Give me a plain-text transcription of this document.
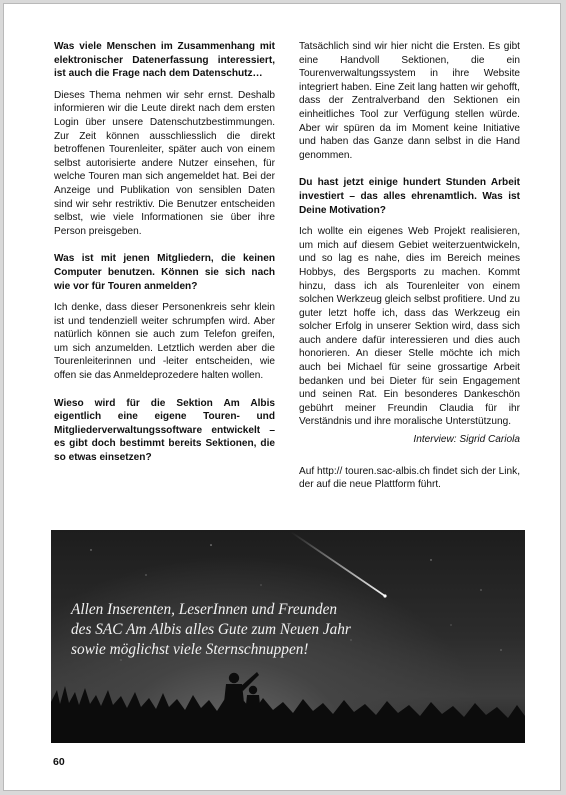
Was viele Menschen im Zusammenhang mit elektronischer Datenerfassung interessiert, ist auch die Frage nach dem Datenschutz…

Dieses Thema nehmen wir sehr ernst. Deshalb informieren wir die Leute direkt nach dem ersten Login über unsere Datenschutzbestimmungen. Zur Zeit können ausschliesslich die direkt betroffenen Tourenleiter, später auch von einem selbst autorisierte andere Nutzer einsehen, für welche Touren man sich angemeldet hat. Bei der Anzeige und Publikation von sensiblen Daten sind wir sehr restriktiv. Die Benutzer entscheiden selbst, wie viele Informationen sie über ihre Person preisgeben.

Was ist mit jenen Mitgliedern, die keinen Computer benutzen. Können sie sich nach wie vor für Touren anmelden?

Ich denke, dass dieser Personenkreis sehr klein ist und tendenziell weiter schrumpfen wird. Aber natürlich können sie auch zum Telefon greifen, um sich anzumelden. Letztlich werden aber die Tourenleiterinnen und -leiter entscheiden, wie offen sie das Anmeldeprozedere halten wollen.

Wieso wird für die Sektion Am Albis eigentlich eine eigene Touren- und Mitgliederverwaltungssoftware entwickelt – es gibt doch bestimmt bereits Sektionen, die so etwas einsetzen?

Tatsächlich sind wir hier nicht die Ersten. Es gibt eine Handvoll Sektionen, die ein Tourenverwaltungssystem in ihre Website integriert haben. Eine Zeit lang hatten wir gehofft, dass der Zentralverband den Sektionen ein einheitliches Tool zur Verfügung stellen würde. Aber wir spüren da im Moment keine Initiative und haben das Ganze dann selbst in die Hand genommen.

Du hast jetzt einige hundert Stunden Arbeit investiert – das alles ehrenamtlich. Was ist Deine Motivation?

Ich wollte ein eigenes Web Projekt realisieren, um mich auf diesem Gebiet weiterzuentwickeln, und so lag es nahe, dies im Bereich meines Hobbys, des Bergsports zu machen. Kommt hinzu, dass ich als Tourenleiter von einem solchen Werkzeug gleich selbst profitiere. Und zu guter letzt hoffe ich, dass das Werkzeug ein solcher Erfolg in unserer Sektion wird, dass sich auch andere dafür interessieren und dies auch honorieren. An dieser Stelle möchte ich mich auch bei Michael für seine grossartige Arbeit bedanken und bei Dieter für sein Engagement und seinen Rat. Ein besonderes Dankeschön gebührt meiner Freundin Claudia für ihr Verständnis und ihre moralische Unterstützung.

Interview: Sigrid Cariola

Auf http:// touren.sac-albis.ch findet sich der Link, der auf die neue Plattform führt.

Allen Inserenten, LeserInnen und Freunden
des SAC Am Albis alles Gute zum Neuen Jahr
sowie möglichst viele Sternschnuppen!
60
